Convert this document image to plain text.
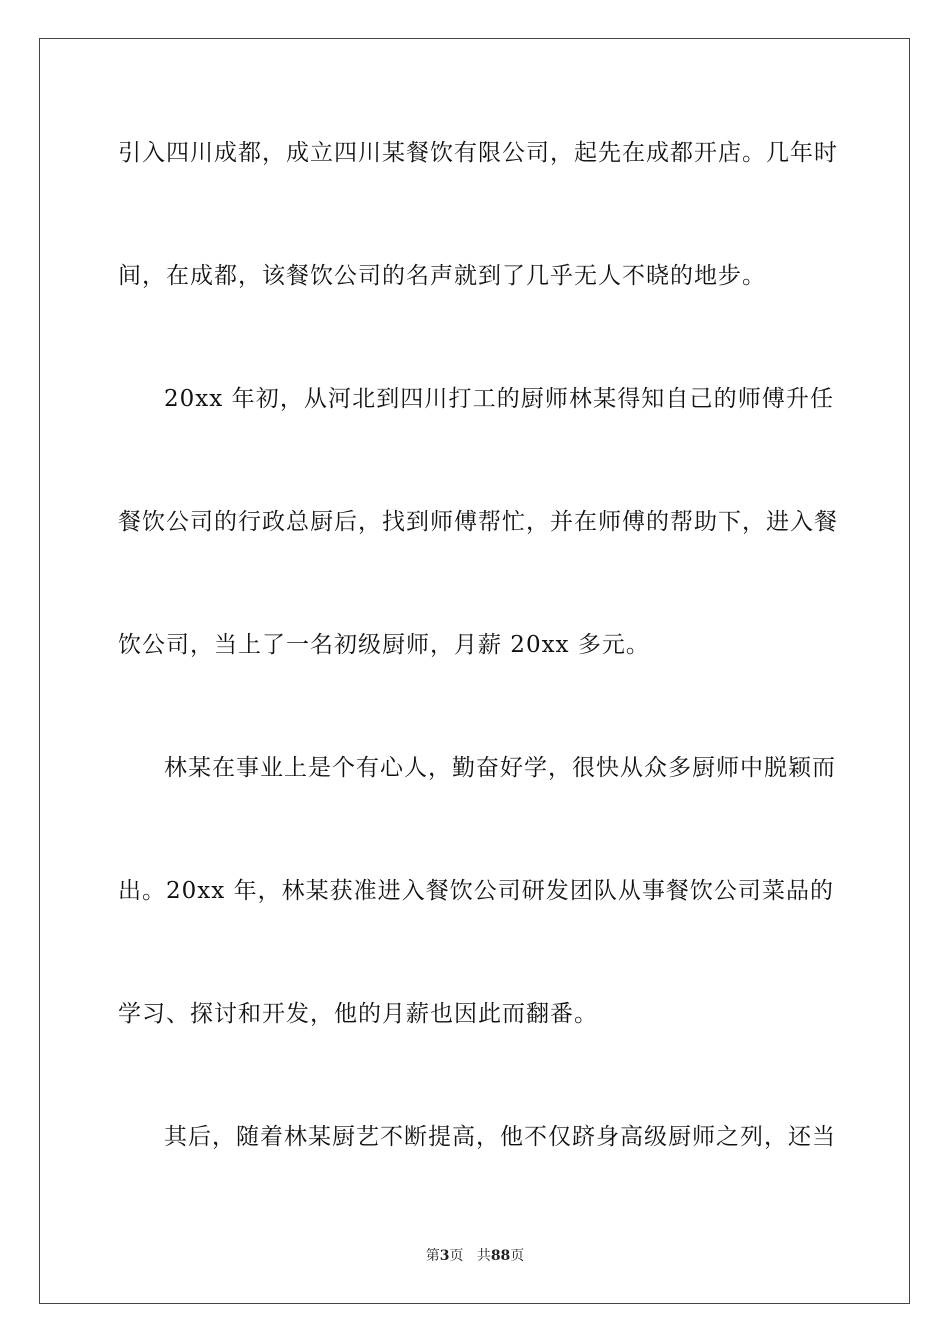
引入四川成都，成立四川某餐饮有限公司，起先在成都开店。几年时
间，在成都，该餐饮公司的名声就到了几乎无人不晓的地步。
20xx 年初，从河北到四川打工的厨师林某得知自己的师傅升任
餐饮公司的行政总厨后，找到师傅帮忙，并在师傅的帮助下，进入餐
饮公司，当上了一名初级厨师，月薪 20xx 多元。
林某在事业上是个有心人，勤奋好学，很快从众多厨师中脱颖而
出。20xx 年，林某获准进入餐饮公司研发团队从事餐饮公司菜品的
学习、探讨和开发，他的月薪也因此而翻番。
其后，随着林某厨艺不断提高，他不仅跻身高级厨师之列，还当
第3页 共88页
